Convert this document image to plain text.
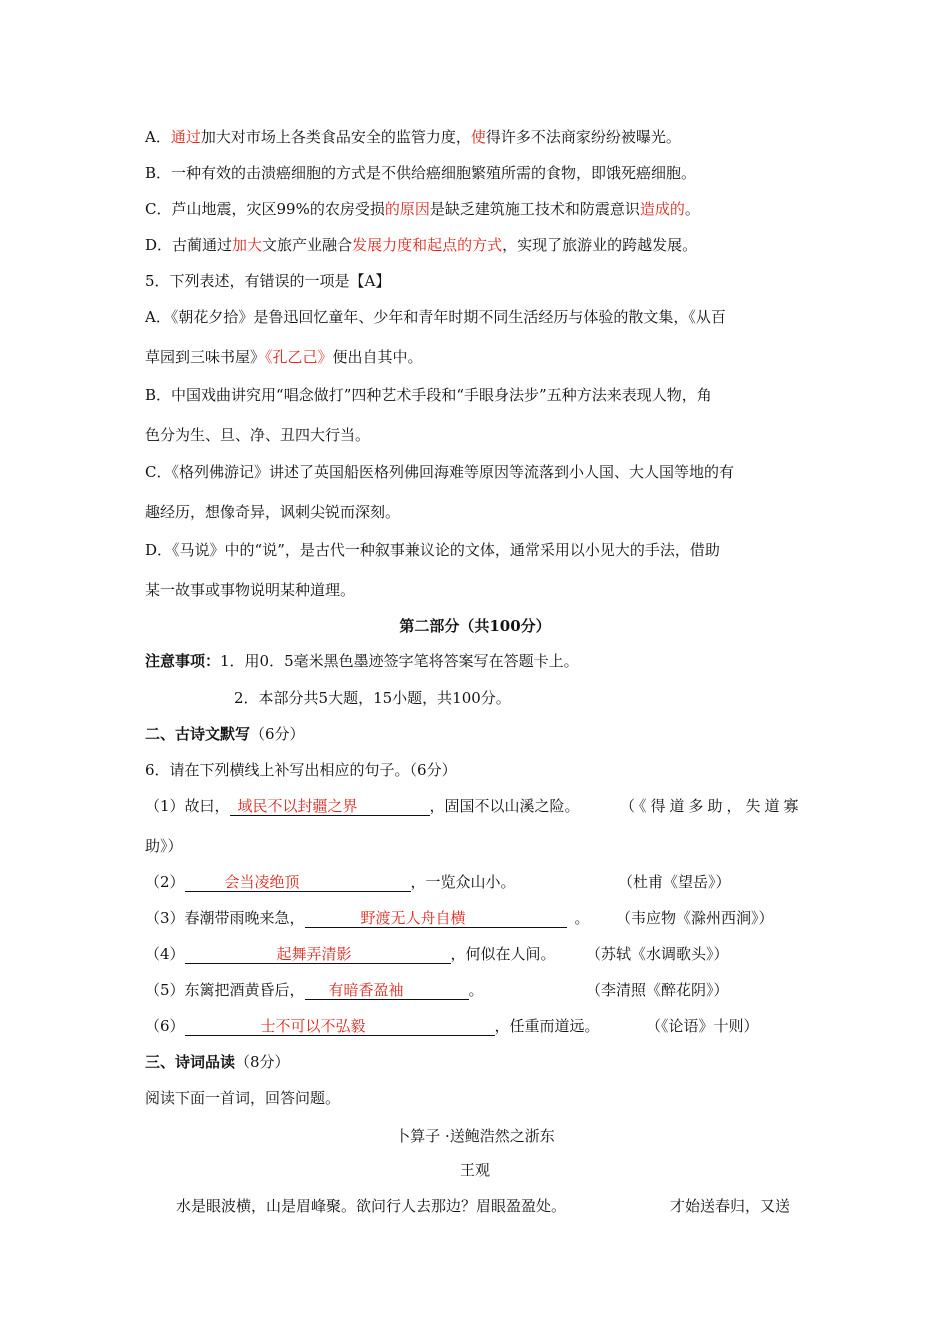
A．通过加大对市场上各类食品安全的监管力度，使得许多不法商家纷纷被曝光。
B．一种有效的击溃癌细胞的方式是不供给癌细胞繁殖所需的食物，即饿死癌细胞。
C．芦山地震，灾区99%的农房受损的原因是缺乏建筑施工技术和防震意识造成的。
D．古蔺通过加大文旅产业融合发展力度和起点的方式，实现了旅游业的跨越发展。
5．下列表述，有错误的一项是【A】
A．《朝花夕拾》是鲁迅回忆童年、少年和青年时期不同生活经历与体验的散文集，《从百
草园到三味书屋》《孔乙己》便出自其中。
B．中国戏曲讲究用“唱念做打”四种艺术手段和“手眼身法步”五种方法来表现人物，角
色分为生、旦、净、丑四大行当。
C．《格列佛游记》讲述了英国船医格列佛回海难等原因等流落到小人国、大人国等地的有
趣经历，想像奇异，讽刺尖锐而深刻。
D．《马说》中的“说”，是古代一种叙事兼议论的文体，通常采用以小见大的手法，借助
某一故事或事物说明某种道理。
第二部分（共100分）
注意事项：1．用0．5毫米黑色墨迹签字笔将答案写在答题卡上。
2．本部分共5大题，15小题，共100分。
二、古诗文默写（6分）
6．请在下列横线上补写出相应的句子。（6分）
（1）故曰， 域民不以封疆之界	，固国不以山溪之险。	（《得道多助，失道寡
助》）
（2）	会当凌绝顶	，一览众山小。	（杜甫《望岳》）
（3）春潮带雨晚来急，	野渡无人舟自横	。 （韦应物《滁州西涧》）
（4）	起舞弄清影	，何似在人间。 （苏轼《水调歌头》）
（5）东篱把酒黄昏后， 有暗香盈袖	。	（李清照《醉花阴》）
（6）	士不可以不弘毅	，任重而道远。	（《论语》十则）
三、诗词品读（8分）
阅读下面一首词，回答问题。
卜算子 ·送鲍浩然之浙东
王观
水是眼波横，山是眉峰聚。欲问行人去那边？眉眼盈盈处。	才始送春归，又送
